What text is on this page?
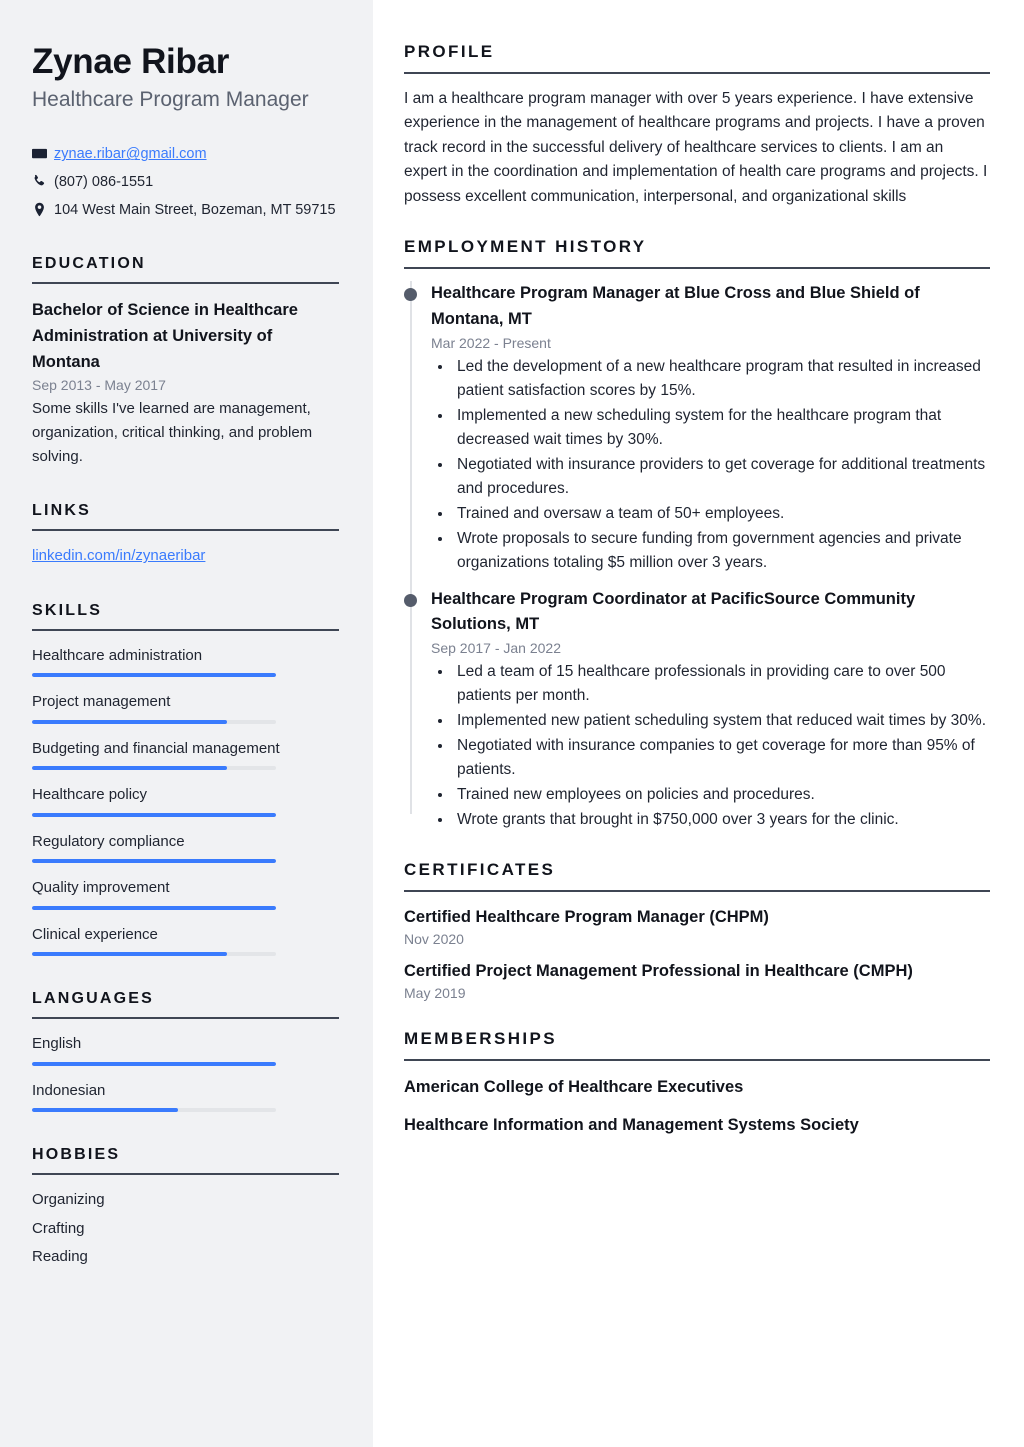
Zynae Ribar
Healthcare Program Manager
zynae.ribar@gmail.com
(807) 086-1551
104 West Main Street, Bozeman, MT 59715
EDUCATION
Bachelor of Science in Healthcare Administration at University of Montana
Sep 2013 - May 2017
Some skills I've learned are management, organization, critical thinking, and problem solving.
LINKS
linkedin.com/in/zynaeribar
SKILLS
Healthcare administration
Project management
Budgeting and financial management
Healthcare policy
Regulatory compliance
Quality improvement
Clinical experience
LANGUAGES
English
Indonesian
HOBBIES
Organizing
Crafting
Reading
PROFILE

I am a healthcare program manager with over 5 years experience. I have extensive experience in the management of healthcare programs and projects. I have a proven track record in the successful delivery of healthcare services to clients. I am an expert in the coordination and implementation of health care programs and projects. I possess excellent communication, interpersonal, and organizational skills

EMPLOYMENT HISTORY
Healthcare Program Manager at Blue Cross and Blue Shield of Montana, MT
Mar 2022 - Present
• Led the development of a new healthcare program that resulted in increased patient satisfaction scores by 15%.
• Implemented a new scheduling system for the healthcare program that decreased wait times by 30%.
• Negotiated with insurance providers to get coverage for additional treatments and procedures.
• Trained and oversaw a team of 50+ employees.
• Wrote proposals to secure funding from government agencies and private organizations totaling $5 million over 3 years.
Healthcare Program Coordinator at PacificSource Community Solutions, MT
Sep 2017 - Jan 2022
• Led a team of 15 healthcare professionals in providing care to over 500 patients per month.
• Implemented new patient scheduling system that reduced wait times by 30%.
• Negotiated with insurance companies to get coverage for more than 95% of patients.
• Trained new employees on policies and procedures.
• Wrote grants that brought in $750,000 over 3 years for the clinic.
CERTIFICATES
Certified Healthcare Program Manager (CHPM)
Nov 2020
Certified Project Management Professional in Healthcare (CMPH)
May 2019
MEMBERSHIPS
American College of Healthcare Executives
Healthcare Information and Management Systems Society
